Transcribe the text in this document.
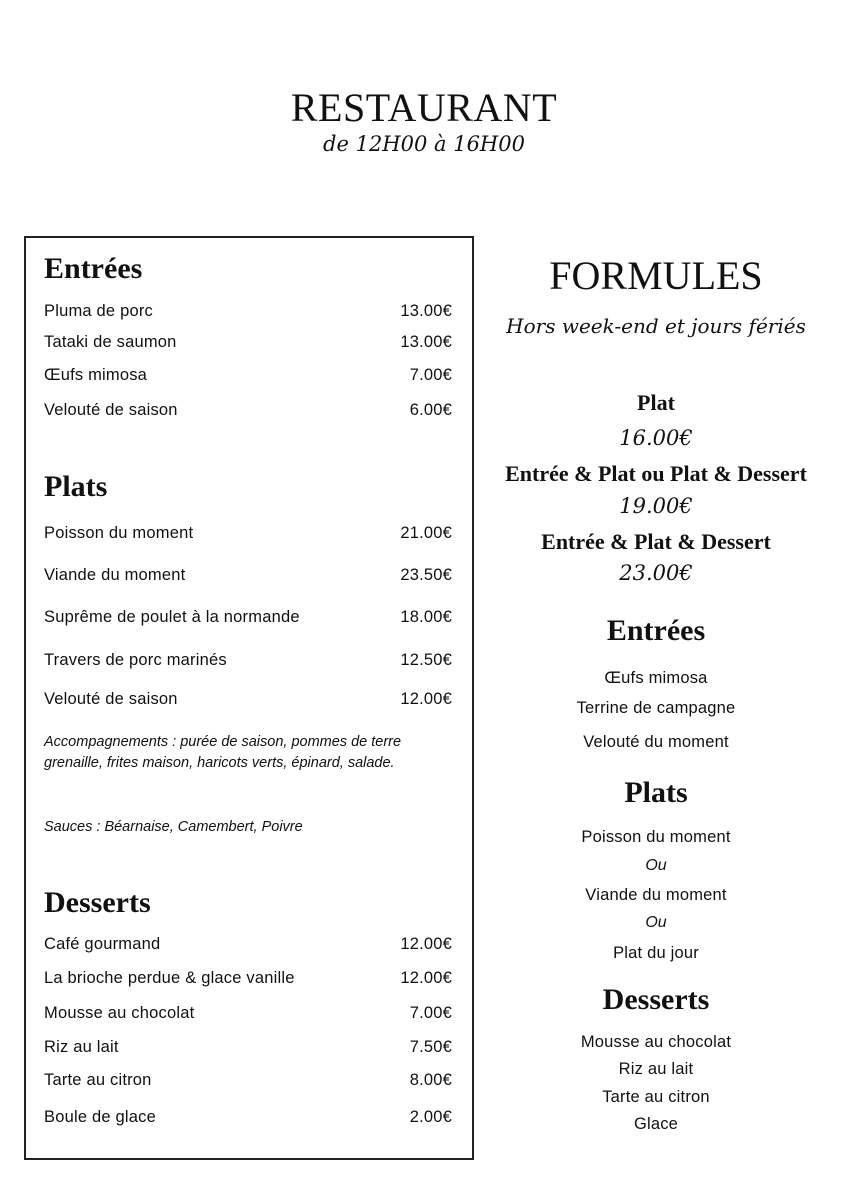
RESTAURANT
de 12H00 à 16H00
Entrées
Pluma de porc	13.00€
Tataki de saumon	13.00€
Œufs mimosa	7.00€
Velouté de saison	6.00€
Plats
Poisson du moment	21.00€
Viande du moment	23.50€
Suprême de poulet à la normande	18.00€
Travers de porc marinés	12.50€
Velouté de saison	12.00€
Accompagnements : purée de saison, pommes de terre grenaille, frites maison, haricots verts, épinard, salade.
Sauces : Béarnaise, Camembert, Poivre
Desserts
Café gourmand	12.00€
La brioche perdue & glace vanille	12.00€
Mousse au chocolat	7.00€
Riz au lait	7.50€
Tarte au citron	8.00€
Boule de glace	2.00€
FORMULES
Hors week-end et jours fériés
Plat
16.00€
Entrée & Plat ou Plat & Dessert
19.00€
Entrée & Plat & Dessert
23.00€
Entrées
Œufs mimosa
Terrine de campagne
Velouté du moment
Plats
Poisson du moment
Ou
Viande du moment
Ou
Plat du jour
Desserts
Mousse au chocolat
Riz au lait
Tarte au citron
Glace
